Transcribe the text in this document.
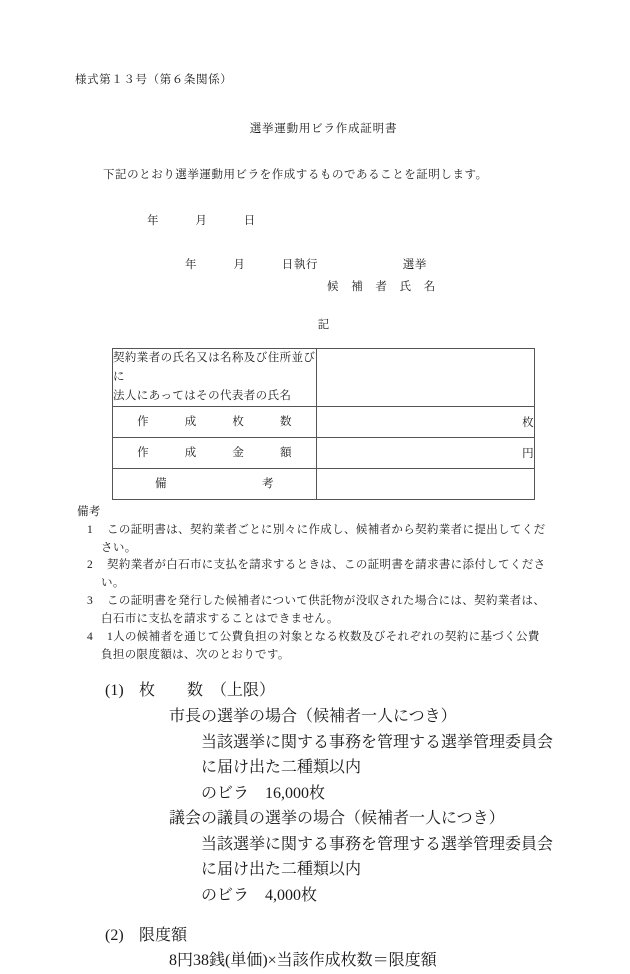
様式第１３号（第６条関係）
選挙運動用ビラ作成証明書
下記のとおり選挙運動用ビラを作成するものであることを証明します。
年　　　月　　　日
年　　　月　　　日執行　　　　　　　選挙
候　補　者　氏　名
記
契約業者の氏名又は名称及び住所並びに
法人にあってはその代表者の氏名	

作　　　成　　　枚　　　数	枚
作　　　成　　　金　　　額	円
備　　　　　　　　考	
備考
1	この証明書は、契約業者ごとに別々に作成し、候補者から契約業者に提出してくだ
さい。
2	契約業者が白石市に支払を請求するときは、この証明書を請求書に添付してくださ
い。
3	この証明書を発行した候補者について供託物が没収された場合には、契約業者は、
白石市に支払を請求することはできません。
4	1人の候補者を通じて公費負担の対象となる枚数及びそれぞれの契約に基づく公費
負担の限度額は、次のとおりです。
(1) 枚　　数　（上限）
市長の選挙の場合（候補者一人につき）
当該選挙に関する事務を管理する選挙管理委員会に届け出た二種類以内
のビラ　16,000枚
議会の議員の選挙の場合（候補者一人につき）
当該選挙に関する事務を管理する選挙管理委員会に届け出た二種類以内
のビラ　4,000枚
(2) 限度額
8円38銭(単価)×当該作成枚数＝限度額
